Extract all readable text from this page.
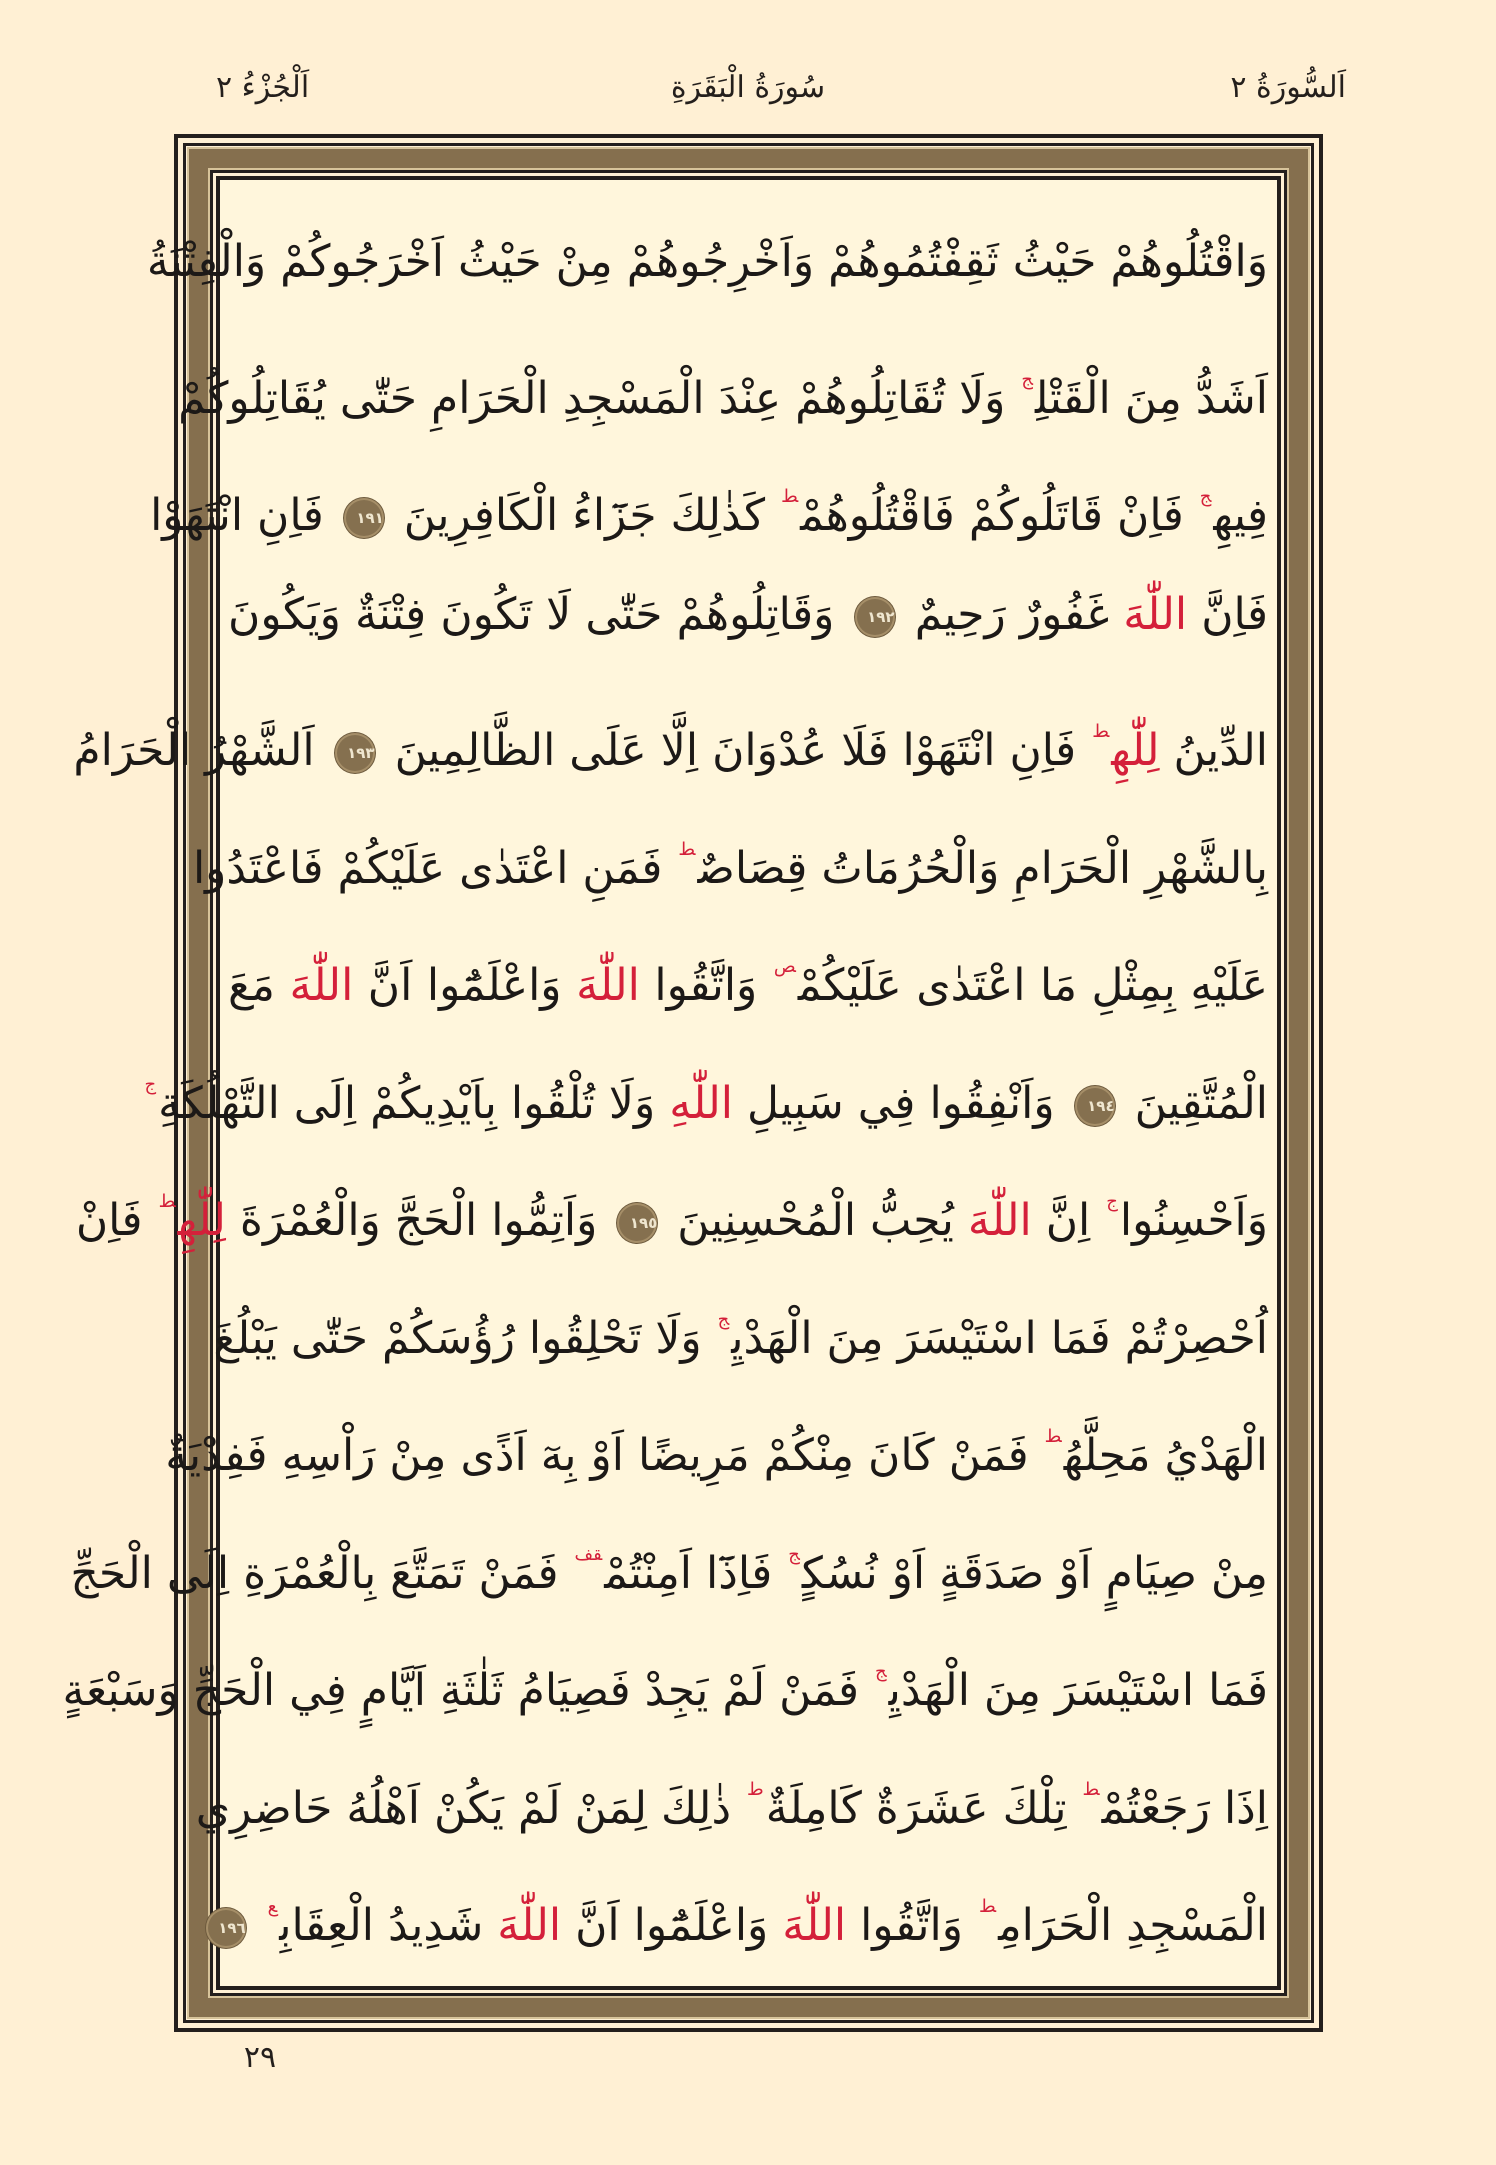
اَلْجُزْءُ ٢	سُورَةُ الْبَقَرَةِ	اَلسُّورَةُ ٢
وَاقْتُلُوهُمْ حَيْثُ ثَقِفْتُمُوهُمْ وَاَخْرِجُوهُمْ مِنْ حَيْثُ اَخْرَجُوكُمْ وَالْفِتْنَةُ
اَشَدُّ مِنَ الْقَتْلِ$^ج$ وَلَا تُقَاتِلُوهُمْ عِنْدَ الْمَسْجِدِ الْحَرَامِ حَتّٰى يُقَاتِلُوكُمْ
فِيهِ$^ج$ فَاِنْ قَاتَلُوكُمْ فَاقْتُلُوهُمْ$^ط$ كَذٰلِكَ جَزَٓاءُ الْكَافِرِينَ ١٩١ فَاِنِ انْتَهَوْا
فَاِنَّ اللّٰهَ غَفُورٌ رَحِيمٌ ١٩٢ وَقَاتِلُوهُمْ حَتّٰى لَا تَكُونَ فِتْنَةٌ وَيَكُونَ
الدِّينُ لِلّٰهِ$^ط$ فَاِنِ انْتَهَوْا فَلَا عُدْوَانَ اِلَّا عَلَى الظَّالِمِينَ ١٩٣ اَلشَّهْرُ الْحَرَامُ
بِالشَّهْرِ الْحَرَامِ وَالْحُرُمَاتُ قِصَاصٌ$^ط$ فَمَنِ اعْتَدٰى عَلَيْكُمْ فَاعْتَدُوا
عَلَيْهِ بِمِثْلِ مَا اعْتَدٰى عَلَيْكُمْ$^ص$ وَاتَّقُوا اللّٰهَ وَاعْلَمُٓوا اَنَّ اللّٰهَ مَعَ
الْمُتَّقِينَ ١٩٤ وَاَنْفِقُوا فِي سَبِيلِ اللّٰهِ وَلَا تُلْقُوا بِاَيْدِيكُمْ اِلَى التَّهْلُكَةِ$^ج$
وَاَحْسِنُوا$^ج$ اِنَّ اللّٰهَ يُحِبُّ الْمُحْسِنِينَ ١٩٥ وَاَتِمُّوا الْحَجَّ وَالْعُمْرَةَ لِلّٰهِ$^ط$ فَاِنْ
اُحْصِرْتُمْ فَمَا اسْتَيْسَرَ مِنَ الْهَدْيِ$^ج$ وَلَا تَحْلِقُوا رُؤُسَكُمْ حَتّٰى يَبْلُغَ
الْهَدْيُ مَحِلَّهُ$^ط$ فَمَنْ كَانَ مِنْكُمْ مَرِيضًا اَوْ بِهٓ اَذًى مِنْ رَاْسِهِ فَفِدْيَةٌ
مِنْ صِيَامٍ اَوْ صَدَقَةٍ اَوْ نُسُكٍ$^ج$ فَاِذَٓا اَمِنْتُمْ$^{قف}$ فَمَنْ تَمَتَّعَ بِالْعُمْرَةِ اِلَى الْحَجِّ
فَمَا اسْتَيْسَرَ مِنَ الْهَدْيِ$^ج$ فَمَنْ لَمْ يَجِدْ فَصِيَامُ ثَلٰثَةِ اَيَّامٍ فِي الْحَجِّ وَسَبْعَةٍ
اِذَا رَجَعْتُمْ$^ط$ تِلْكَ عَشَرَةٌ كَامِلَةٌ$^ط$ ذٰلِكَ لِمَنْ لَمْ يَكُنْ اَهْلُهُ حَاضِرِي
الْمَسْجِدِ الْحَرَامِ$^ط$ وَاتَّقُوا اللّٰهَ وَاعْلَمُٓوا اَنَّ اللّٰهَ شَدِيدُ الْعِقَابِ$^ع$ ١٩٦
٢٩
